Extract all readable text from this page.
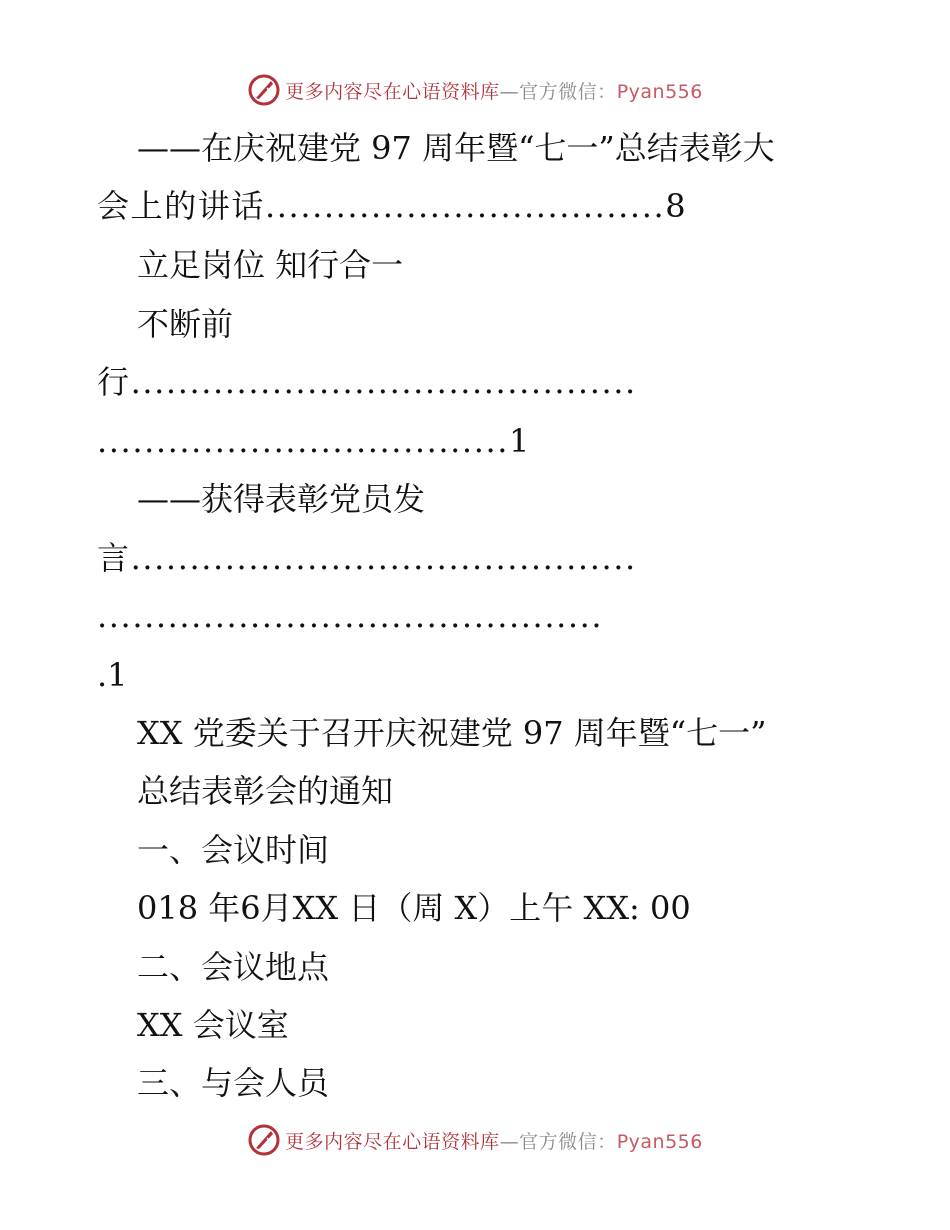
更多内容尽在心语资料库—官方微信：Pyan556
——在庆祝建党 97 周年暨“七一”总结表彰大
会上的讲话..................................8
立足岗位 知行合一
不断前
行...........................................
...................................1
——获得表彰党员发
言...........................................
...........................................
.1
XX 党委关于召开庆祝建党 97 周年暨“七一”
总结表彰会的通知
一、会议时间
018 年6月XX 日（周 X）上午 XX: 00
二、会议地点
XX 会议室
三、与会人员
更多内容尽在心语资料库—官方微信：Pyan556
